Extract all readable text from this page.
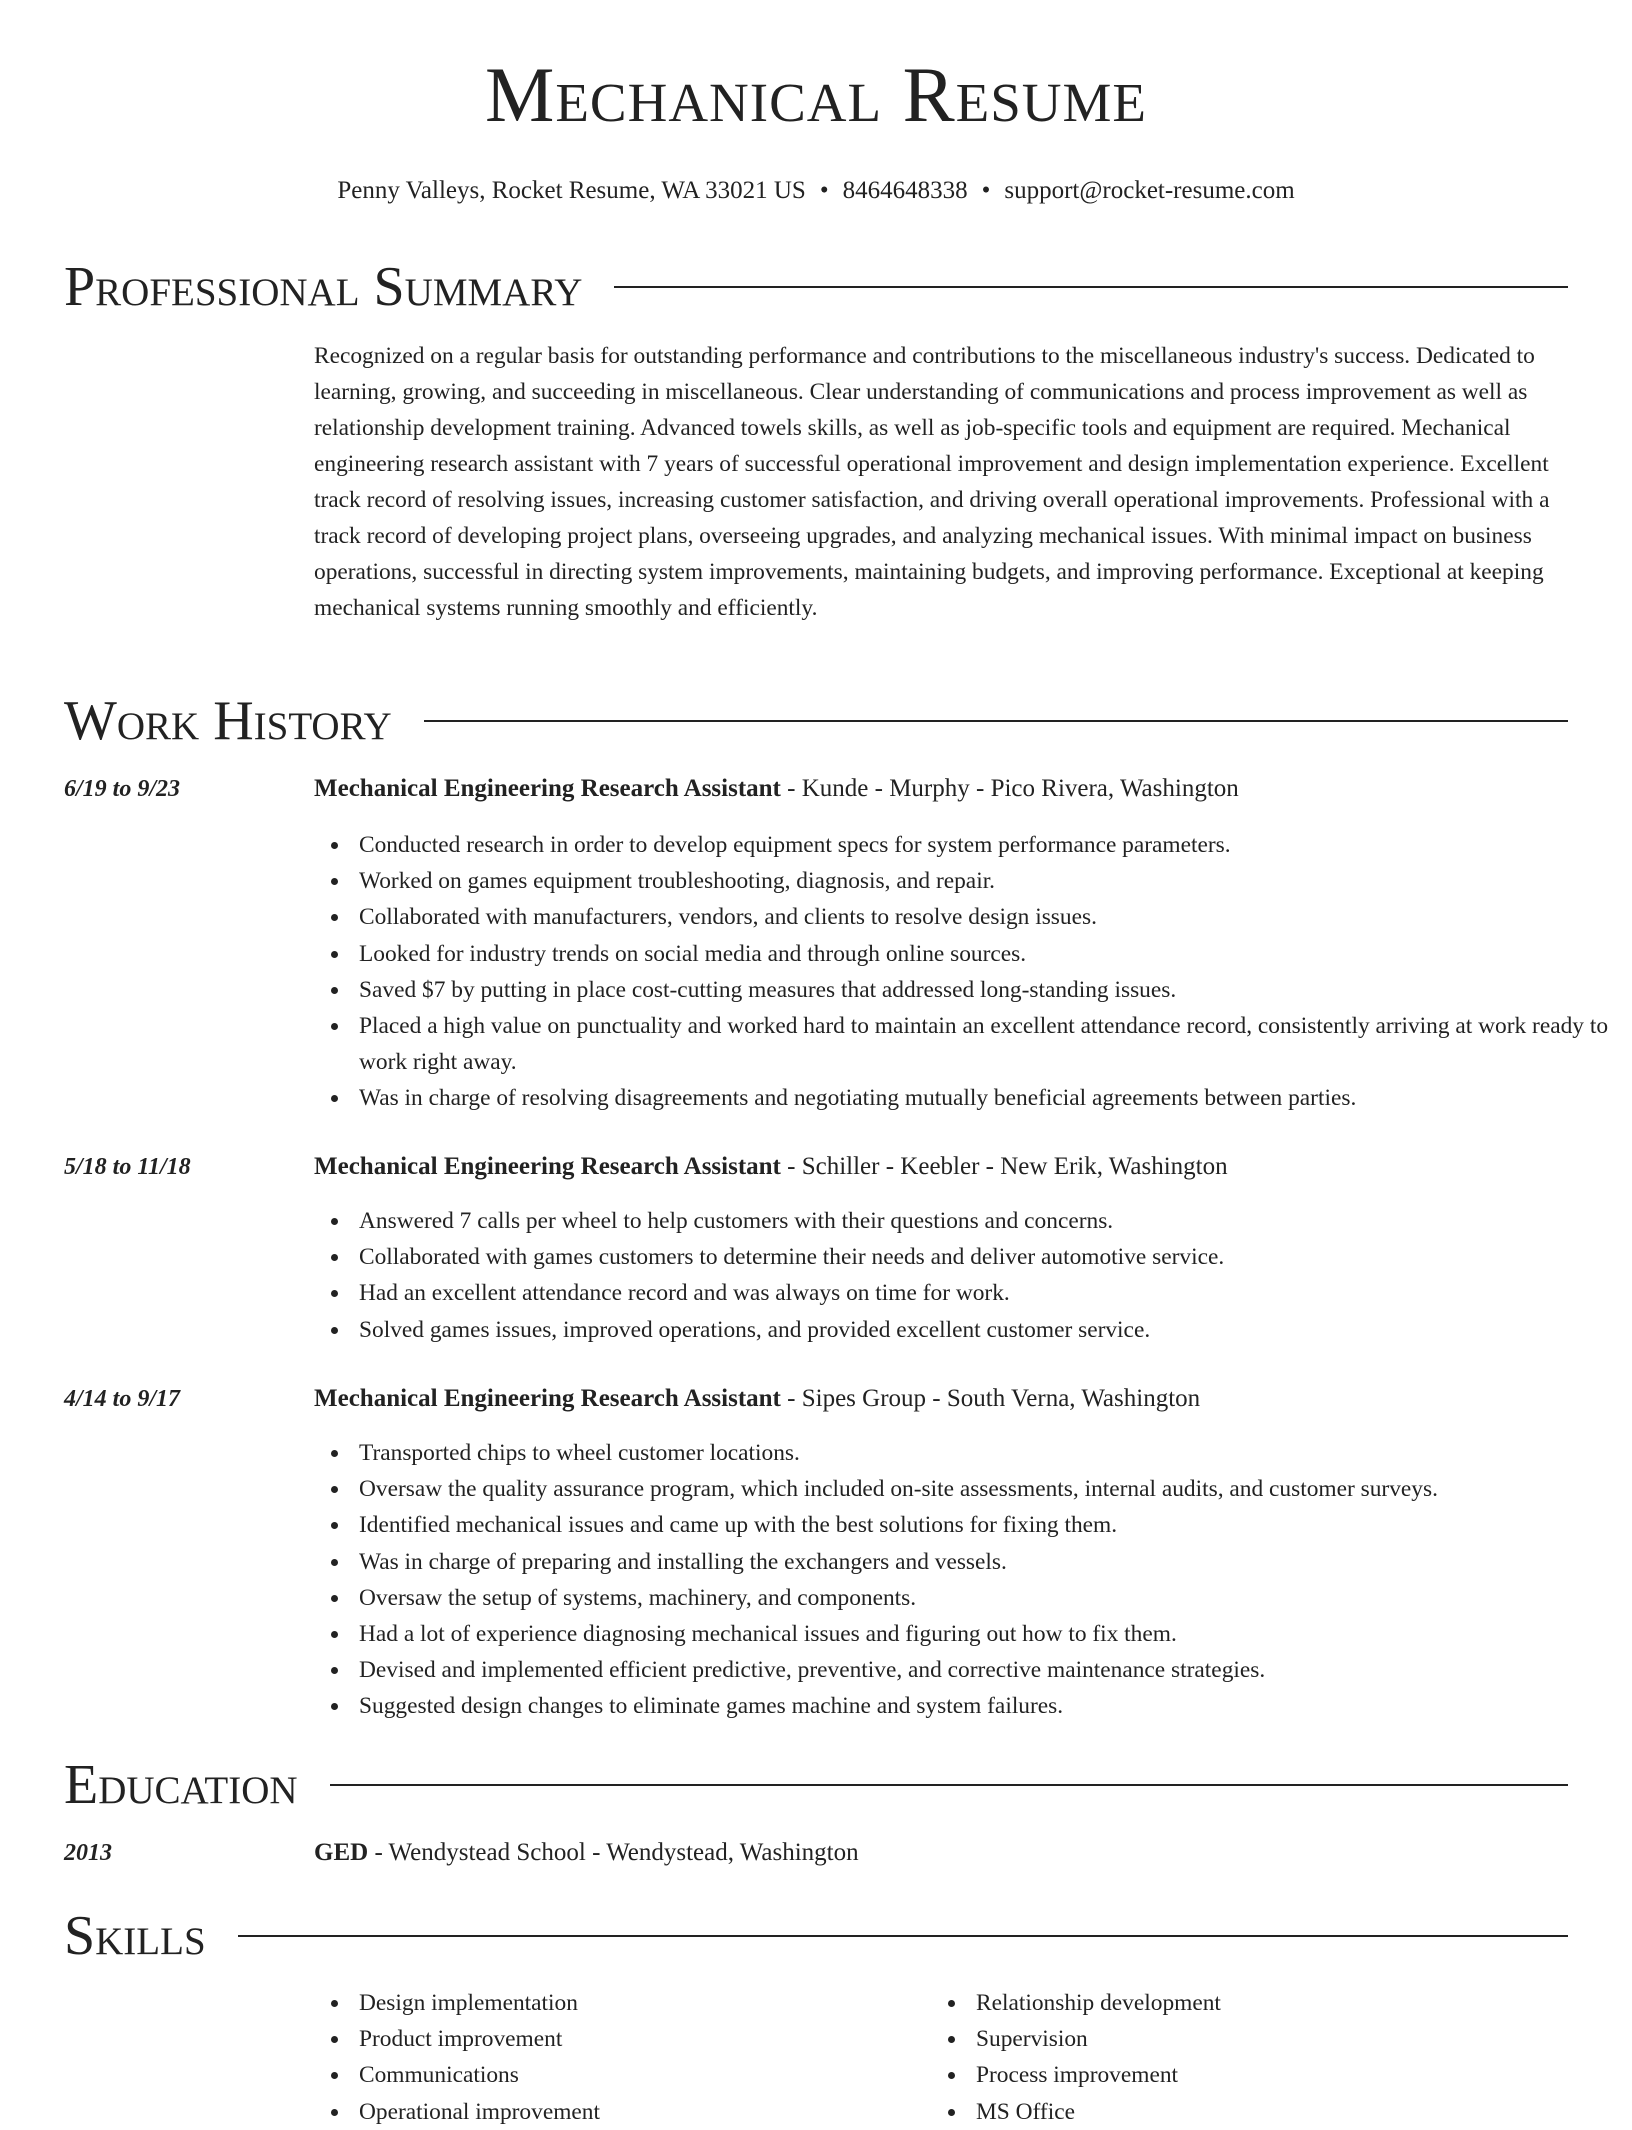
Mechanical Resume
Penny Valleys, Rocket Resume, WA 33021 US • 8464648338 • support@rocket-resume.com
Professional Summary

Recognized on a regular basis for outstanding performance and contributions to the miscellaneous industry's success. Dedicated to learning, growing, and succeeding in miscellaneous. Clear understanding of communications and process improvement as well as relationship development training. Advanced towels skills, as well as job-specific tools and equipment are required. Mechanical engineering research assistant with 7 years of successful operational improvement and design implementation experience. Excellent track record of resolving issues, increasing customer satisfaction, and driving overall operational improvements. Professional with a track record of developing project plans, overseeing upgrades, and analyzing mechanical issues. With minimal impact on business operations, successful in directing system improvements, maintaining budgets, and improving performance. Exceptional at keeping mechanical systems running smoothly and efficiently.

Work History
6/19 to 9/23	Mechanical Engineering Research Assistant - Kunde - Murphy - Pico Rivera, Washington
Conducted research in order to develop equipment specs for system performance parameters.
Worked on games equipment troubleshooting, diagnosis, and repair.
Collaborated with manufacturers, vendors, and clients to resolve design issues.
Looked for industry trends on social media and through online sources.
Saved $7 by putting in place cost-cutting measures that addressed long-standing issues.
Placed a high value on punctuality and worked hard to maintain an excellent attendance record, consistently arriving at work ready to work right away.
Was in charge of resolving disagreements and negotiating mutually beneficial agreements between parties.
5/18 to 11/18	Mechanical Engineering Research Assistant - Schiller - Keebler - New Erik, Washington
Answered 7 calls per wheel to help customers with their questions and concerns.
Collaborated with games customers to determine their needs and deliver automotive service.
Had an excellent attendance record and was always on time for work.
Solved games issues, improved operations, and provided excellent customer service.
4/14 to 9/17	Mechanical Engineering Research Assistant - Sipes Group - South Verna, Washington
Transported chips to wheel customer locations.
Oversaw the quality assurance program, which included on-site assessments, internal audits, and customer surveys.
Identified mechanical issues and came up with the best solutions for fixing them.
Was in charge of preparing and installing the exchangers and vessels.
Oversaw the setup of systems, machinery, and components.
Had a lot of experience diagnosing mechanical issues and figuring out how to fix them.
Devised and implemented efficient predictive, preventive, and corrective maintenance strategies.
Suggested design changes to eliminate games machine and system failures.
Education
2013	GED - Wendystead School - Wendystead, Washington
Skills
Design implementation
Product improvement
Communications
Operational improvement
Relationship development
Supervision
Process improvement
MS Office
